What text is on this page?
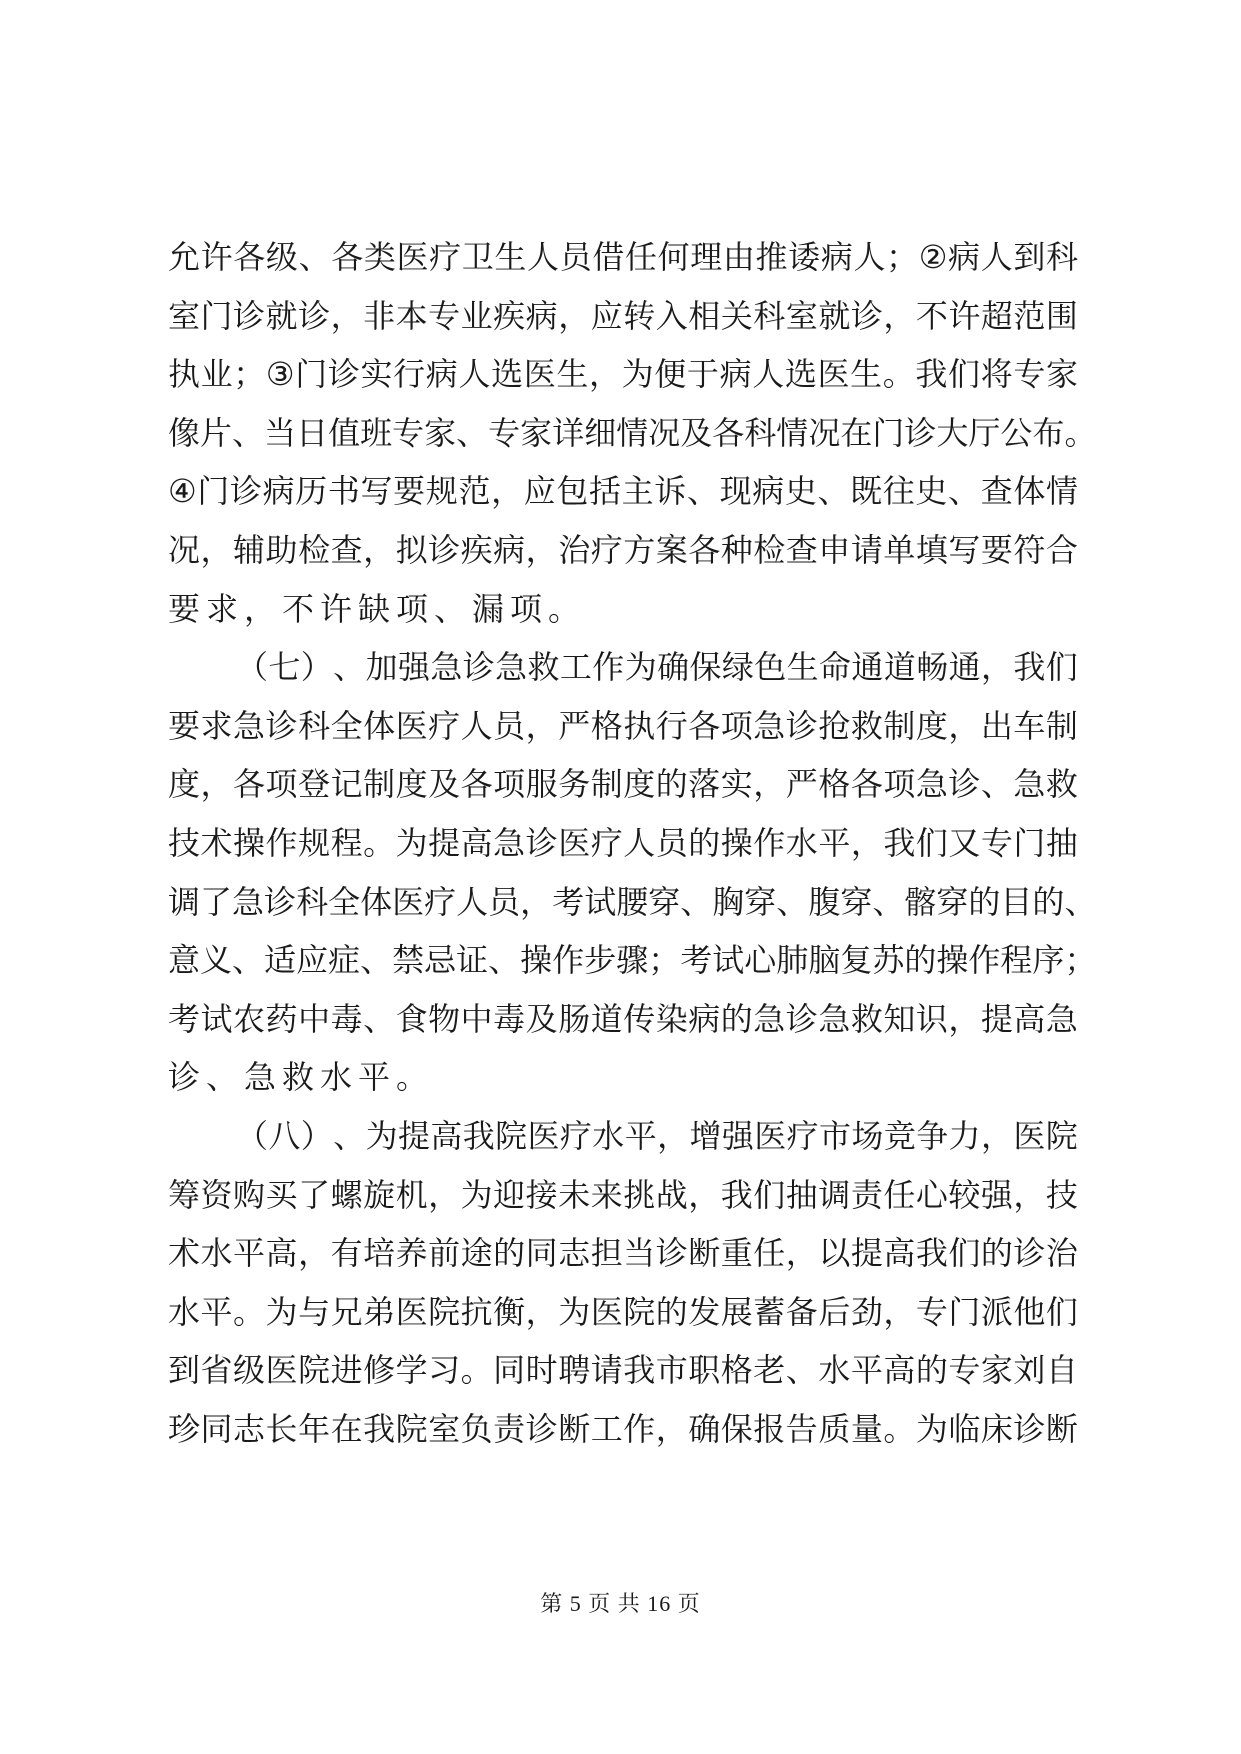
允 许 各 级 、 各 类 医 疗 卫 生 人 员 借 任 何 理 由 推 诿 病 人 ； ② 病 人 到 科
室 门 诊 就 诊 ， 非 本 专 业 疾 病 ， 应 转 入 相 关 科 室 就 诊 ， 不 许 超 范 围
执 业 ； ③ 门 诊 实 行 病 人 选 医 生 ， 为 便 于 病 人 选 医 生 。 我 们 将 专 家
像 片 、 当 日 值 班 专 家 、 专 家 详 细 情 况 及 各 科 情 况 在 门 诊 大 厅 公 布 。
④ 门 诊 病 历 书 写 要 规 范 ， 应 包 括 主 诉 、 现 病 史 、 既 往 史 、 查 体 情
况 ， 辅 助 检 查 ， 拟 诊 疾 病 ， 治 疗 方 案 各 种 检 查 申 请 单 填 写 要 符 合
要求，不许缺项、漏项。
（ 七 ） 、 加 强 急 诊 急 救 工 作 为 确 保 绿 色 生 命 通 道 畅 通 ， 我 们
要 求 急 诊 科 全 体 医 疗 人 员 ， 严 格 执 行 各 项 急 诊 抢 救 制 度 ， 出 车 制
度 ， 各 项 登 记 制 度 及 各 项 服 务 制 度 的 落 实 ， 严 格 各 项 急 诊 、 急 救
技 术 操 作 规 程 。 为 提 高 急 诊 医 疗 人 员 的 操 作 水 平 ， 我 们 又 专 门 抽
调 了 急 诊 科 全 体 医 疗 人 员 ， 考 试 腰 穿 、 胸 穿 、 腹 穿 、 髂 穿 的 目 的 、
意 义 、 适 应 症 、 禁 忌 证 、 操 作 步 骤 ； 考 试 心 肺 脑 复 苏 的 操 作 程 序 ；
考 试 农 药 中 毒 、 食 物 中 毒 及 肠 道 传 染 病 的 急 诊 急 救 知 识 ， 提 高 急
诊、急救水平。
（ 八 ） 、 为 提 高 我 院 医 疗 水 平 ， 增 强 医 疗 市 场 竞 争 力 ， 医 院
筹 资 购 买 了 螺 旋 机 ， 为 迎 接 未 来 挑 战 ， 我 们 抽 调 责 任 心 较 强 ， 技
术 水 平 高 ， 有 培 养 前 途 的 同 志 担 当 诊 断 重 任 ， 以 提 高 我 们 的 诊 治
水 平 。 为 与 兄 弟 医 院 抗 衡 ， 为 医 院 的 发 展 蓄 备 后 劲 ， 专 门 派 他 们
到 省 级 医 院 进 修 学 习 。 同 时 聘 请 我 市 职 格 老 、 水 平 高 的 专 家 刘 自
珍 同 志 长 年 在 我 院 室 负 责 诊 断 工 作 ， 确 保 报 告 质 量 。 为 临 床 诊 断
第 5 页 共 16 页
